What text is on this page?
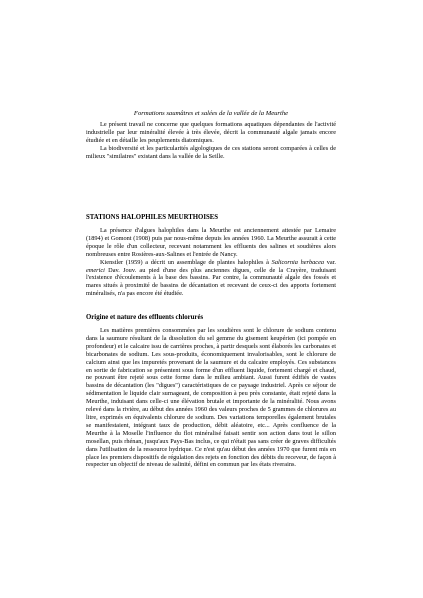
Formations saumâtres et salées de la vallée de la Meurthe

Le présent travail ne concerne que quelques formations aquatiques dépendantes de l'activité industrielle par leur minéralité élevée à très élevée, décrit la communauté algale jamais encore étudiée et en détaille les peuplements diatomiques.

La biodiversité et les particularités algologiques de ces stations seront comparées à celles de milieux "similaires" existant dans la vallée de la Seille.

STATIONS HALOPHILES MEURTHOISES

La présence d'algues halophiles dans la Meurthe est anciennement attestée par Lemaire (1894) et Gomont (1908) puis par nous-même depuis les années 1960. La Meurthe assurait à cette époque le rôle d'un collecteur, recevant notamment les effluents des salines et soudières alors nombreuses entre Rosières-aux-Salines et l'entrée de Nancy.

Kienstler (1959) a décrit un assemblage de plantes halophiles à Salicornia herbacea var. emerici Dav. Jouv. au pied d'une des plus anciennes digues, celle de la Crayère, traduisant l'existence d'écoulements à la base des bassins. Par contre, la communauté algale des fossés et mares situés à proximité de bassins de décantation et recevant de ceux-ci des apports fortement minéralisés, n'a pas encore été étudiée.

Origine et nature des effluents chlorurés

Les matières premières consommées par les soudières sont le chlorure de sodium contenu dans la saumure résultant de la dissolution du sel gemme du gisement keupérien (ici pompée en profondeur) et le calcaire issu de carrières proches, à partir desquels sont élaborés les carbonates et bicarbonates de sodium. Les sous-produits, économiquement invalorisables, sont le chlorure de calcium ainsi que les impuretés provenant de la saumure et du calcaire employés. Ces substances en sortie de fabrication se présentent sous forme d'un effluent liquide, fortement chargé et chaud, ne pouvant être rejeté sous cette forme dans le milieu ambiant. Aussi furent édifiés de vastes bassins de décantation (les "digues") caractéristiques de ce paysage industriel. Après ce séjour de sédimentation le liquide clair surnageant, de composition à peu près constante, était rejeté dans la Meurthe, induisant dans celle-ci une élévation brutale et importante de la minéralité. Nous avons relevé dans la rivière, au début des années 1960 des valeurs proches de 5 grammes de chlorures au litre, exprimés en équivalents chlorure de sodium. Des variations temporelles également brutales se manifestaient, intégrant taux de production, débit aléatoire, etc... Après confluence de la Meurthe à la Moselle l'influence du flot minéralisé faisait sentir son action dans tout le sillon mosellan, puis rhénan, jusqu'aux Pays-Bas inclus, ce qui n'était pas sans créer de graves difficultés dans l'utilisation de la ressource hydrique. Ce n'est qu'au début des années 1970 que furent mis en place les premiers dispositifs de régulation des rejets en fonction des débits du receveur, de façon à respecter un objectif de niveau de salinité, défini en commun par les états riverains.
